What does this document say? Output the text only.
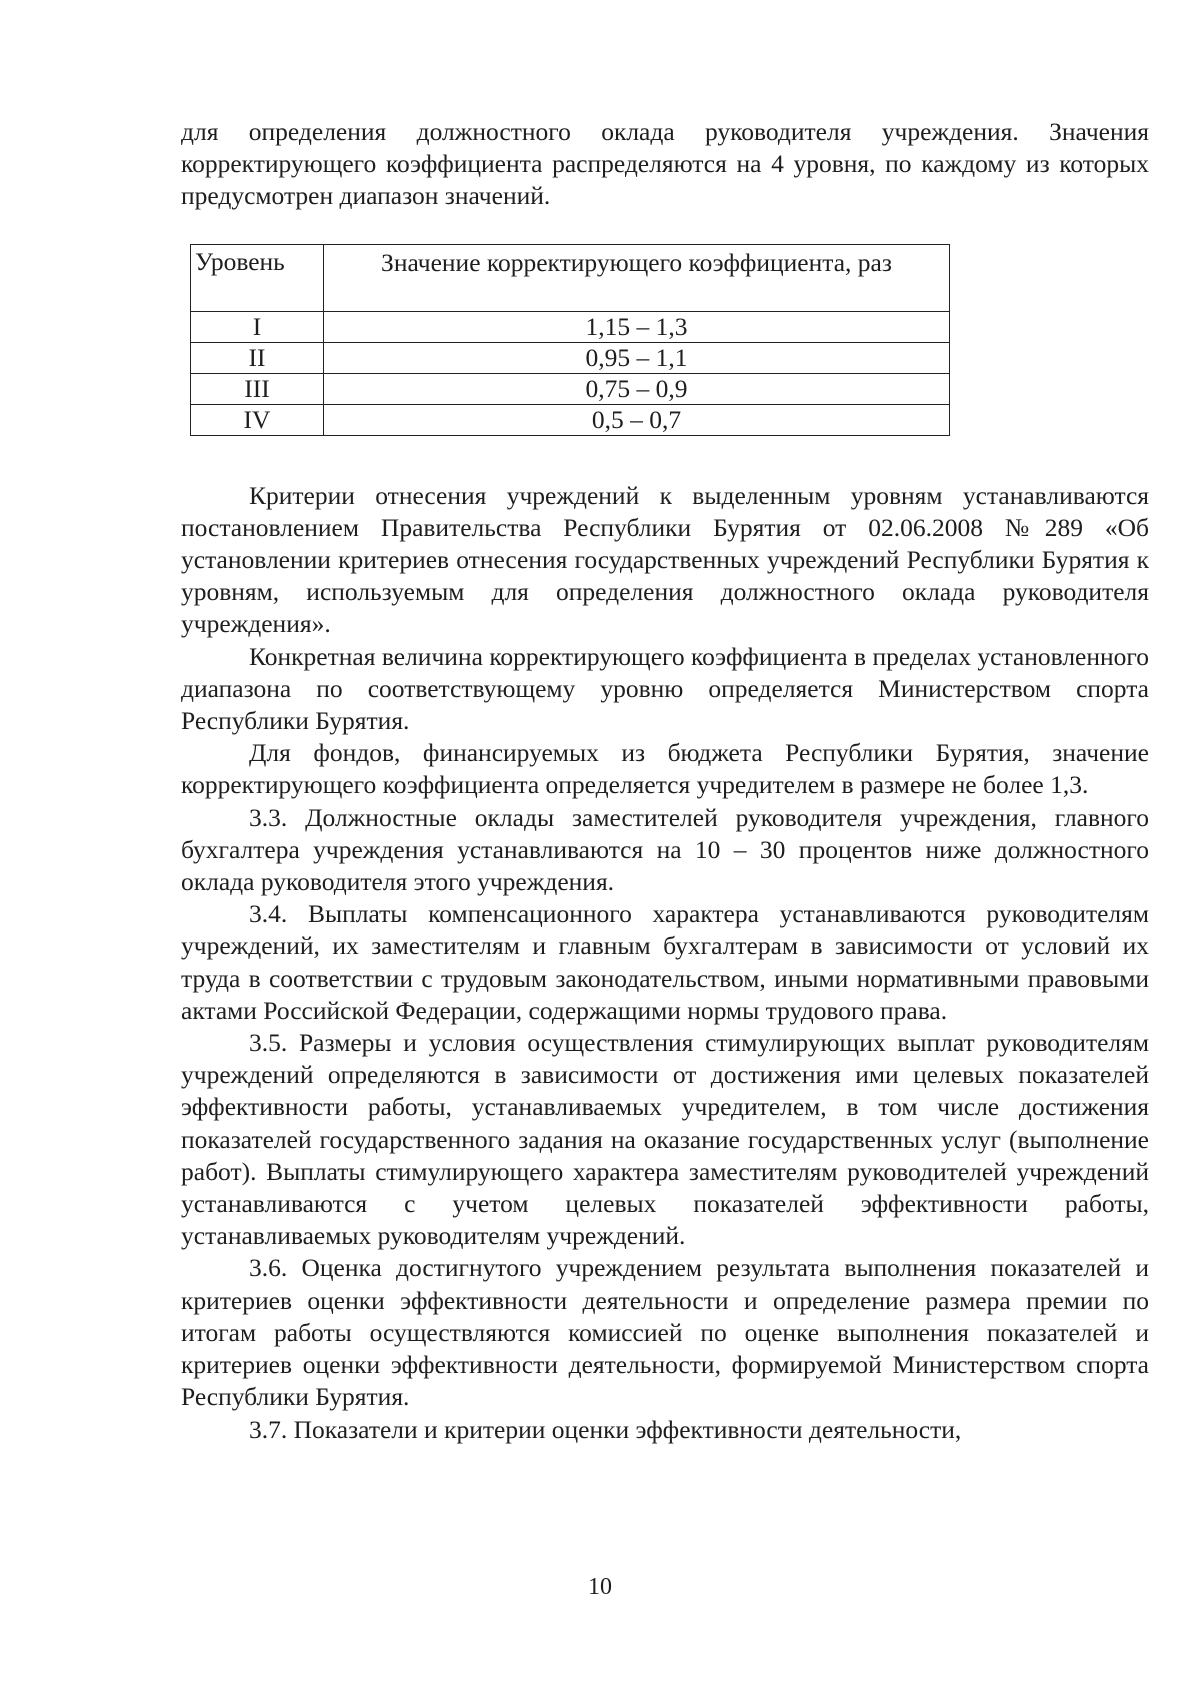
для определения должностного оклада руководителя учреждения. Значения корректирующего коэффициента распределяются на 4 уровня, по каждому из которых предусмотрен диапазон значений.

Уровень	Значение корректирующего коэффициента, раз
I	1,15 – 1,3
II	0,95 – 1,1
III	0,75 – 0,9
IV	0,5 – 0,7

Критерии отнесения учреждений к выделенным уровням устанавливаются постановлением Правительства Республики Бурятия от 02.06.2008 №289 «Об установлении критериев отнесения государственных учреждений Республики Бурятия к уровням, используемым для определения должностного оклада руководителя учреждения».

Конкретная величина корректирующего коэффициента в пределах установленного диапазона по соответствующему уровню определяется Министерством спорта Республики Бурятия.

Для фондов, финансируемых из бюджета Республики Бурятия, значение корректирующего коэффициента определяется учредителем в размере не более 1,3.

3.3. Должностные оклады заместителей руководителя учреждения, главного бухгалтера учреждения устанавливаются на 10 – 30 процентов ниже должностного оклада руководителя этого учреждения.

3.4. Выплаты компенсационного характера устанавливаются руководителям учреждений, их заместителям и главным бухгалтерам в зависимости от условий их труда в соответствии с трудовым законодательством, иными нормативными правовыми актами Российской Федерации, содержащими нормы трудового права.

3.5. Размеры и условия осуществления стимулирующих выплат руководителям учреждений определяются в зависимости от достижения ими целевых показателей эффективности работы, устанавливаемых учредителем, в том числе достижения показателей государственного задания на оказание государственных услуг (выполнение работ). Выплаты стимулирующего характера заместителям руководителей учреждений устанавливаются с учетом целевых показателей эффективности работы, устанавливаемых руководителям учреждений.

3.6. Оценка достигнутого учреждением результата выполнения показателей и критериев оценки эффективности деятельности и определение размера премии по итогам работы осуществляются комиссией по оценке выполнения показателей и критериев оценки эффективности деятельности, формируемой Министерством спорта Республики Бурятия.

3.7. Показатели и критерии оценки эффективности деятельности,

10
